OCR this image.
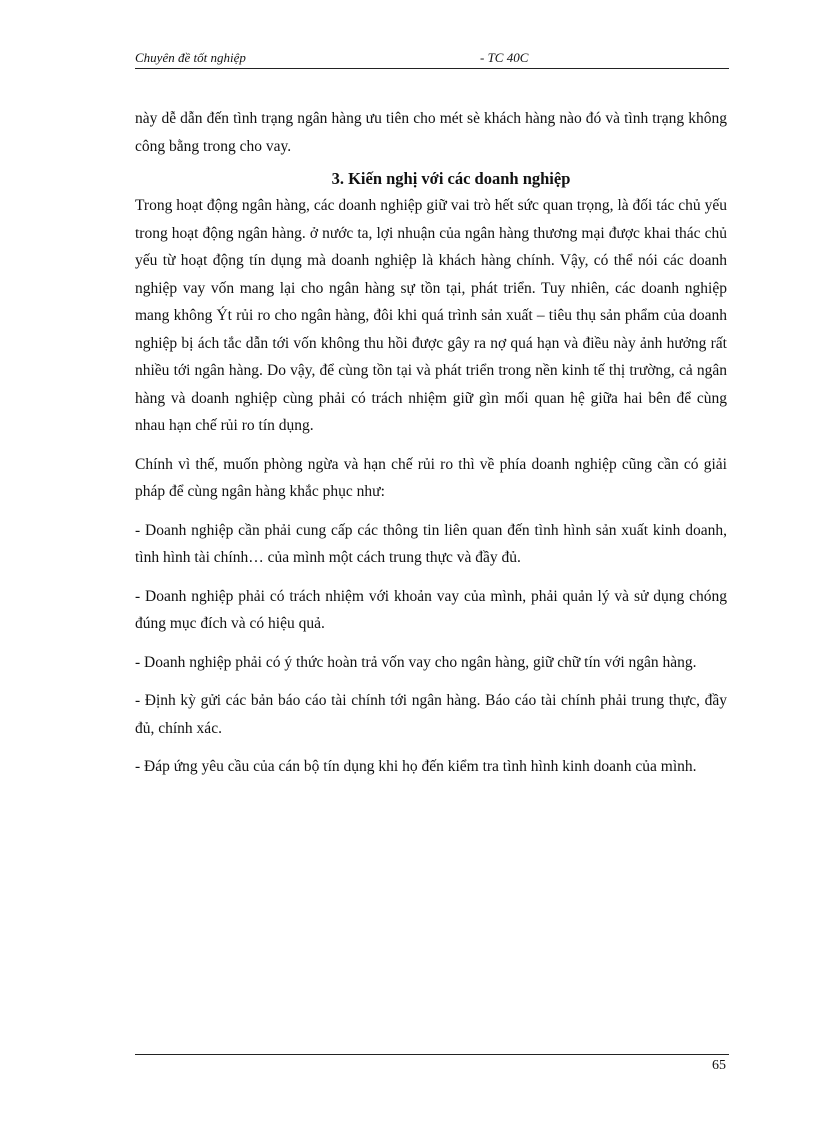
Chuyên đề tốt nghiệp	- TC 40C

này dễ dẫn đến tình trạng ngân hàng ưu tiên cho mét sè khách hàng nào đó và tình trạng không công bằng trong cho vay.

3. Kiến nghị với các doanh nghiệp

Trong hoạt động ngân hàng, các doanh nghiệp giữ vai trò hết sức quan trọng, là đối tác chủ yếu trong hoạt động ngân hàng. ở nước ta, lợi nhuận của ngân hàng thương mại được khai thác chủ yếu từ hoạt động tín dụng mà doanh nghiệp là khách hàng chính. Vậy, có thể nói các doanh nghiệp vay vốn mang lại cho ngân hàng sự tồn tại, phát triển. Tuy nhiên, các doanh nghiệp mang không Ýt rủi ro cho ngân hàng, đôi khi quá trình sản xuất – tiêu thụ sản phẩm của doanh nghiệp bị ách tắc dẫn tới vốn không thu hồi được gây ra nợ quá hạn và điều này ảnh hưởng rất nhiều tới ngân hàng. Do vậy, để cùng tồn tại và phát triển trong nền kinh tế thị trường, cả ngân hàng và doanh nghiệp cùng phải có trách nhiệm giữ gìn mối quan hệ giữa hai bên để cùng nhau hạn chế rủi ro tín dụng.

Chính vì thế, muốn phòng ngừa và hạn chế rủi ro thì về phía doanh nghiệp cũng cần có giải pháp để cùng ngân hàng khắc phục như:

- Doanh nghiệp cần phải cung cấp các thông tin liên quan đến tình hình sản xuất kinh doanh, tình hình tài chính… của mình một cách trung thực và đầy đủ.

- Doanh nghiệp phải có trách nhiệm với khoản vay của mình, phải quản lý và sử dụng chóng đúng mục đích và có hiệu quả.

- Doanh nghiệp phải có ý thức hoàn trả vốn vay cho ngân hàng, giữ chữ tín với ngân hàng.

- Định kỳ gửi các bản báo cáo tài chính tới ngân hàng. Báo cáo tài chính phải trung thực, đầy đủ, chính xác.

- Đáp ứng yêu cầu của cán bộ tín dụng khi họ đến kiểm tra tình hình kinh doanh của mình.

65
